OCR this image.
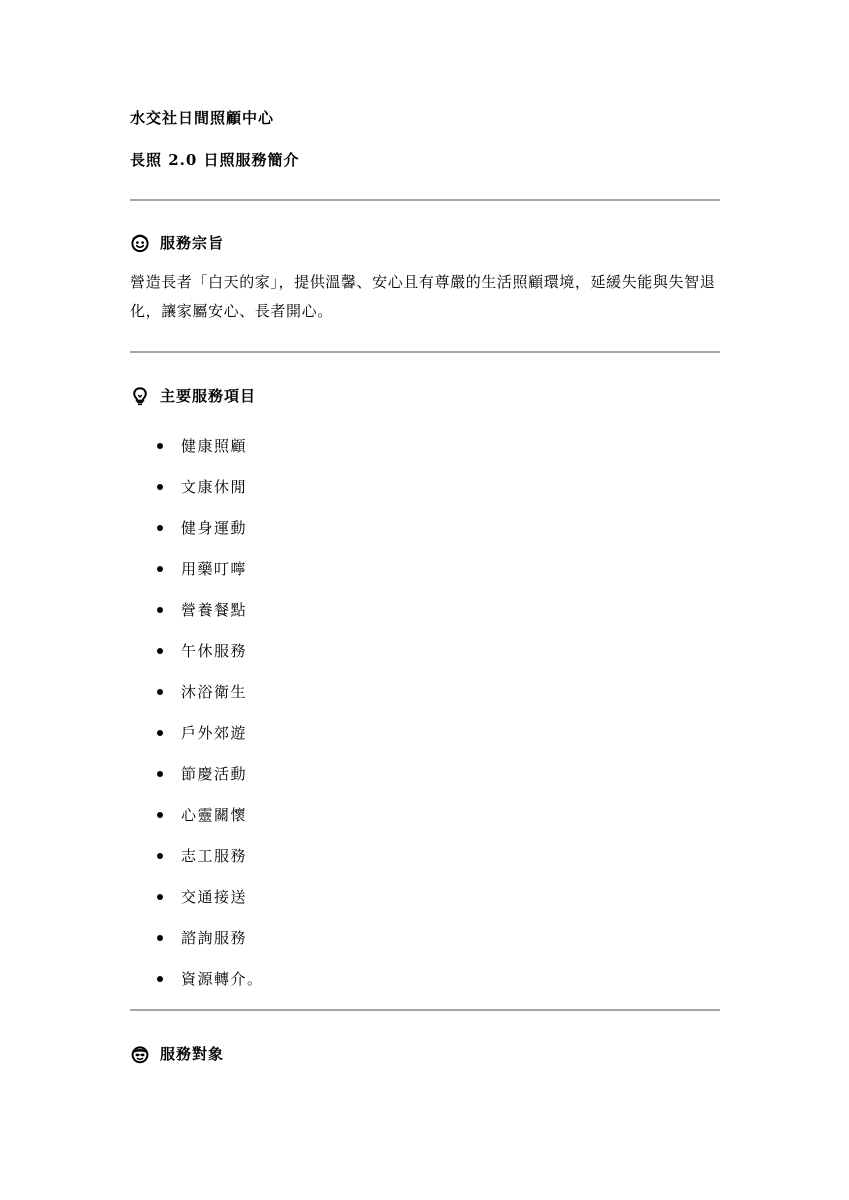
水交社日間照顧中心
長照 2.0 日照服務簡介
服務宗旨
營造長者「白天的家」，提供溫馨、安心且有尊嚴的生活照顧環境，延緩失能與失智退化，讓家屬安心、長者開心。
主要服務項目
健康照顧
文康休閒
健身運動
用藥叮嚀
營養餐點
午休服務
沐浴衛生
戶外郊遊
節慶活動
心靈關懷
志工服務
交通接送
諮詢服務
資源轉介。
服務對象
